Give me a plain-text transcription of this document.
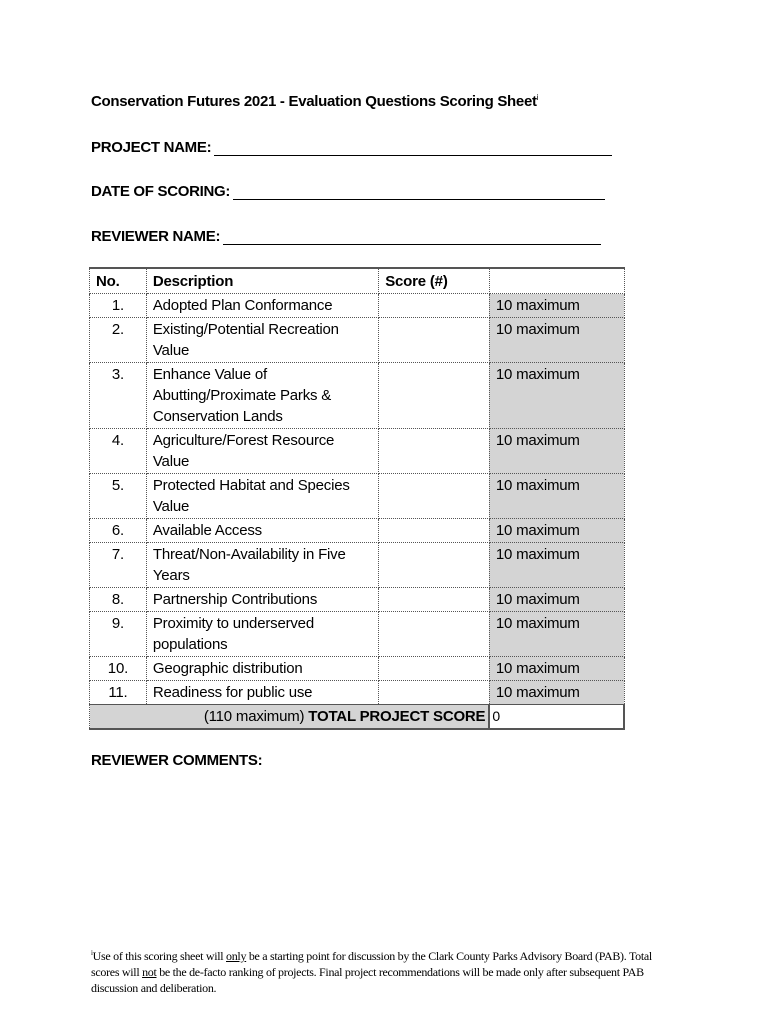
Conservation Futures 2021 - Evaluation Questions Scoring Sheet$^i$
PROJECT NAME:
DATE OF SCORING:
REVIEWER NAME:
No.	Description	Score (#)	
1.	Adopted Plan Conformance		10 maximum
2.	Existing/Potential Recreation Value		10 maximum
3.	Enhance Value of Abutting/Proximate Parks & Conservation Lands		10 maximum
4.	Agriculture/Forest Resource Value		10 maximum
5.	Protected Habitat and Species Value		10 maximum
6.	Available Access		10 maximum
7.	Threat/Non-Availability in Five Years		10 maximum
8.	Partnership Contributions		10 maximum
9.	Proximity to underserved populations		10 maximum
10.	Geographic distribution		10 maximum
11.	Readiness for public use		10 maximum
(110 maximum) TOTAL PROJECT SCORE			0
REVIEWER COMMENTS:
$^i$Use of this scoring sheet will only be a starting point for discussion by the Clark County Parks Advisory Board (PAB). Total scores will not be the de-facto ranking of projects. Final project recommendations will be made only after subsequent PAB discussion and deliberation.
